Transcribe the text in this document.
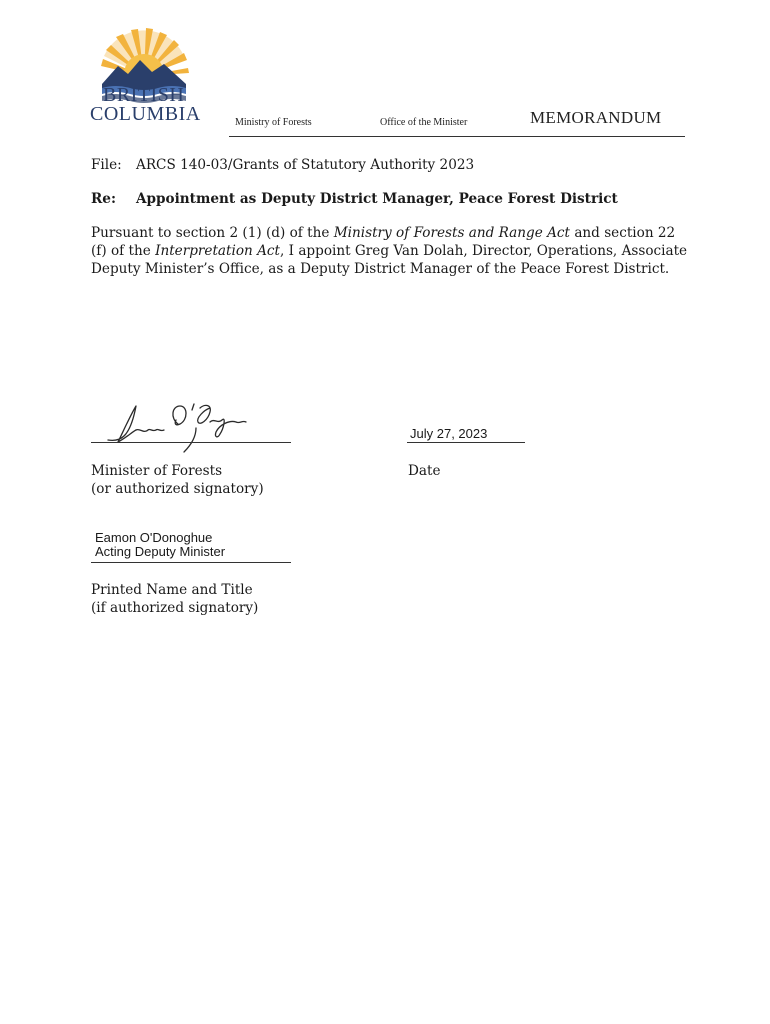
BRITISH
COLUMBIA	Ministry of Forests	Office of the Minister	MEMORANDUM
File: ARCS 140-03/Grants of Statutory Authority 2023
Re: Appointment as Deputy District Manager, Peace Forest District
Pursuant to section 2 (1) (d) of the Ministry of Forests and Range Act and section 22 (f) of the Interpretation Act, I appoint Greg Van Dolah, Director, Operations, Associate Deputy Minister’s Office, as a Deputy District Manager of the Peace Forest District.
July 27, 2023
Minister of Forests
(or authorized signatory)
Date
Eamon O'Donoghue
Acting Deputy Minister
Printed Name and Title
(if authorized signatory)
